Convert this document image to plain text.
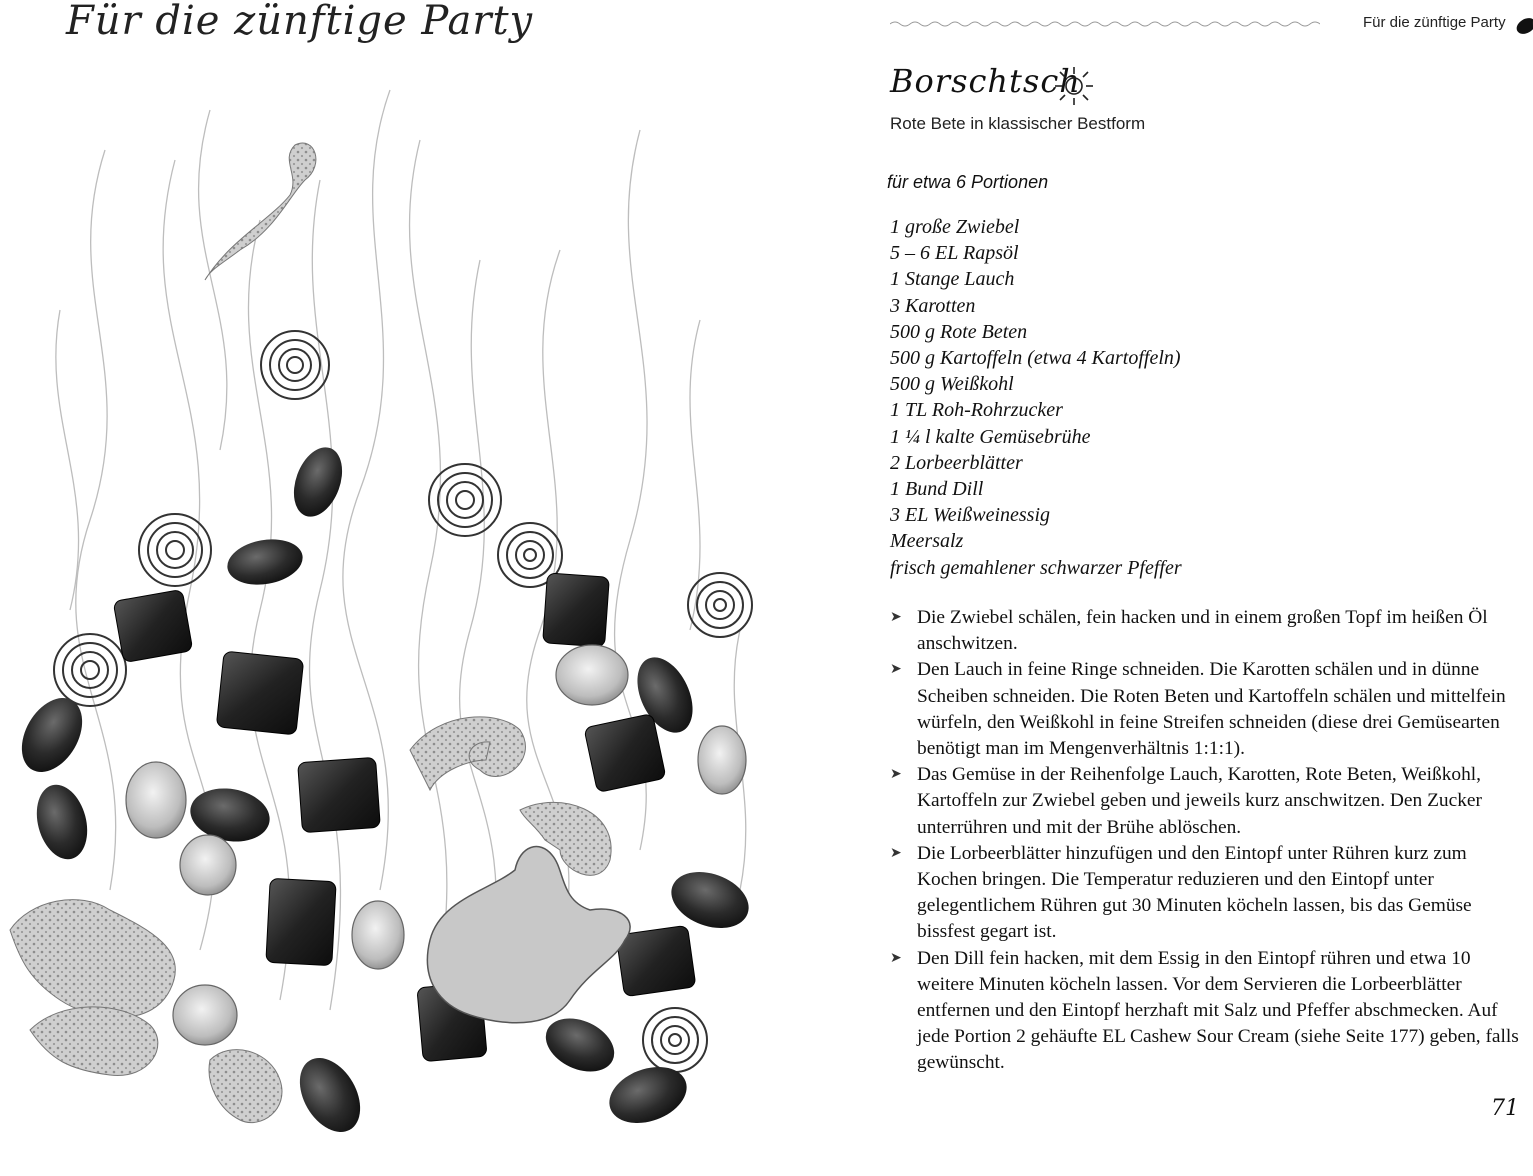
Für die zünftige Party	Für die zünftige Party
Borschtsch
Rote Bete in klassischer Bestform
für etwa 6 Portionen
1 große Zwiebel
5 – 6 EL Rapsöl
1 Stange Lauch
3 Karotten
500 g Rote Beten
500 g Kartoffeln (etwa 4 Kartoffeln)
500 g Weißkohl
1 TL Roh-Rohrzucker
1 ¼ l kalte Gemüsebrühe
2 Lorbeerblätter
1 Bund Dill
3 EL Weißweinessig
Meersalz
frisch gemahlener schwarzer Pfeffer
➤ Die Zwiebel schälen, fein hacken und in einem großen Topf im heißen Öl anschwitzen.
➤ Den Lauch in feine Ringe schneiden. Die Karotten schälen und in dünne Scheiben schneiden. Die Roten Beten und Kartoffeln schälen und mittelfein würfeln, den Weißkohl in feine Streifen schneiden (diese drei Gemüsearten benötigt man im Mengenverhältnis 1:1:1).
➤ Das Gemüse in der Reihenfolge Lauch, Karotten, Rote Beten, Weißkohl, Kartoffeln zur Zwiebel geben und jeweils kurz anschwitzen. Den Zucker unterrühren und mit der Brühe ablöschen.
➤ Die Lorbeerblätter hinzufügen und den Eintopf unter Rühren kurz zum Kochen bringen. Die Temperatur reduzieren und den Eintopf unter gelegentlichem Rühren gut 30 Minuten köcheln lassen, bis das Gemüse bissfest gegart ist.
➤ Den Dill fein hacken, mit dem Essig in den Eintopf rühren und etwa 10 weitere Minuten köcheln lassen. Vor dem Servieren die Lorbeerblätter entfernen und den Eintopf herzhaft mit Salz und Pfeffer abschmecken. Auf jede Portion 2 gehäufte EL Cashew Sour Cream (siehe Seite 177) geben, falls gewünscht.
71
